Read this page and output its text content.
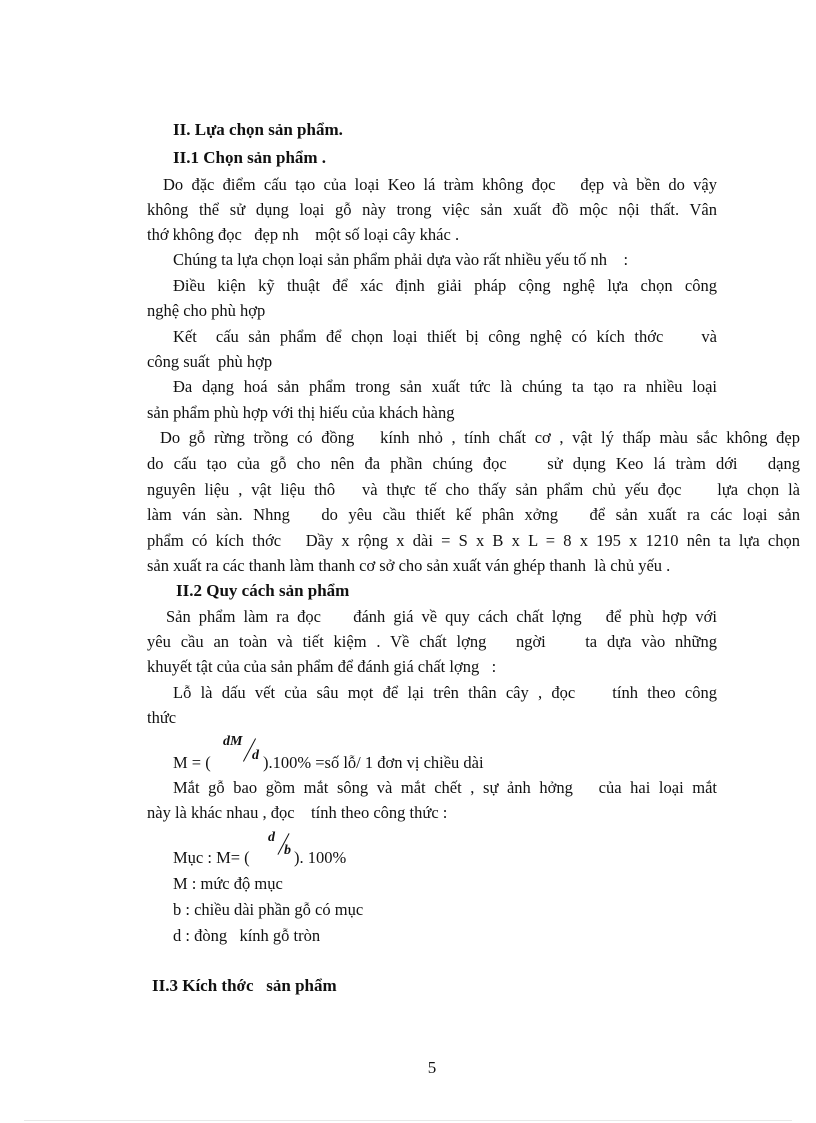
II. Lựa chọn sản phẩm.
II.1 Chọn sản phẩm .
Do đặc điểm cấu tạo của loại Keo lá tràm không đọc   đẹp và bền do vậy
không thể sử dụng loại gỗ này trong việc sản xuất đồ mộc nội thất. Vân
thớ không đọc   đẹp nh    một số loại cây khác .
Chúng ta lựa chọn loại sản phẩm phải dựa vào rất nhiều yếu tố nh    :
Điều kiện kỹ thuật để xác định giải pháp cộng nghệ lựa chọn công
nghệ cho phù hợp
Kết  cấu sản phẩm để chọn loại thiết bị công nghệ có kích thớc    và
công suất  phù hợp
Đa dạng hoá sản phẩm trong sản xuất tức là chúng ta tạo ra nhiều loại
sản phẩm phù hợp với thị hiếu của khách hàng
Do gỗ rừng trồng có đồng   kính nhỏ , tính chất cơ , vật lý thấp màu sắc không đẹp
do cấu tạo của gỗ cho nên đa phần chúng đọc    sử dụng Keo lá tràm dới   dạng
nguyên liệu , vật liệu thô   và thực tế cho thấy sản phẩm chủ yếu đọc    lựa chọn là
làm ván sàn. Nhng   do yêu cầu thiết kế phân xởng   để sản xuất ra các loại sản
phẩm có kích thớc   Dầy x rộng x dài = S x B x L = 8 x 195 x 1210 nên ta lựa chọn
sản xuất ra các thanh làm thanh cơ sở cho sản xuất ván ghép thanh  là chủ yếu .
II.2 Quy cách sản phẩm
Sản phẩm làm ra đọc    đánh giá về quy cách chất lợng   để phù hợp với
yêu cầu an toàn và tiết kiệm . Về chất lợng   ngời    ta dựa vào những
khuyết tật của của sản phẩm để đánh giá chất lợng   :
Lỗ là dấu vết của sâu mọt để lại trên thân cây , đọc    tính theo công
thức
M = (
dM
d ).100% =số lỗ/ 1 đơn vị chiều dài
Mắt gỗ bao gồm mắt sông và mắt chết , sự ảnh hởng   của hai loại mắt
này là khác nhau , đọc    tính theo công thức :
Mục : M= (
d
b ). 100%
M : mức độ mục
b : chiều dài phần gỗ có mục
d : đòng   kính gỗ tròn
II.3 Kích thớc   sản phẩm
5
